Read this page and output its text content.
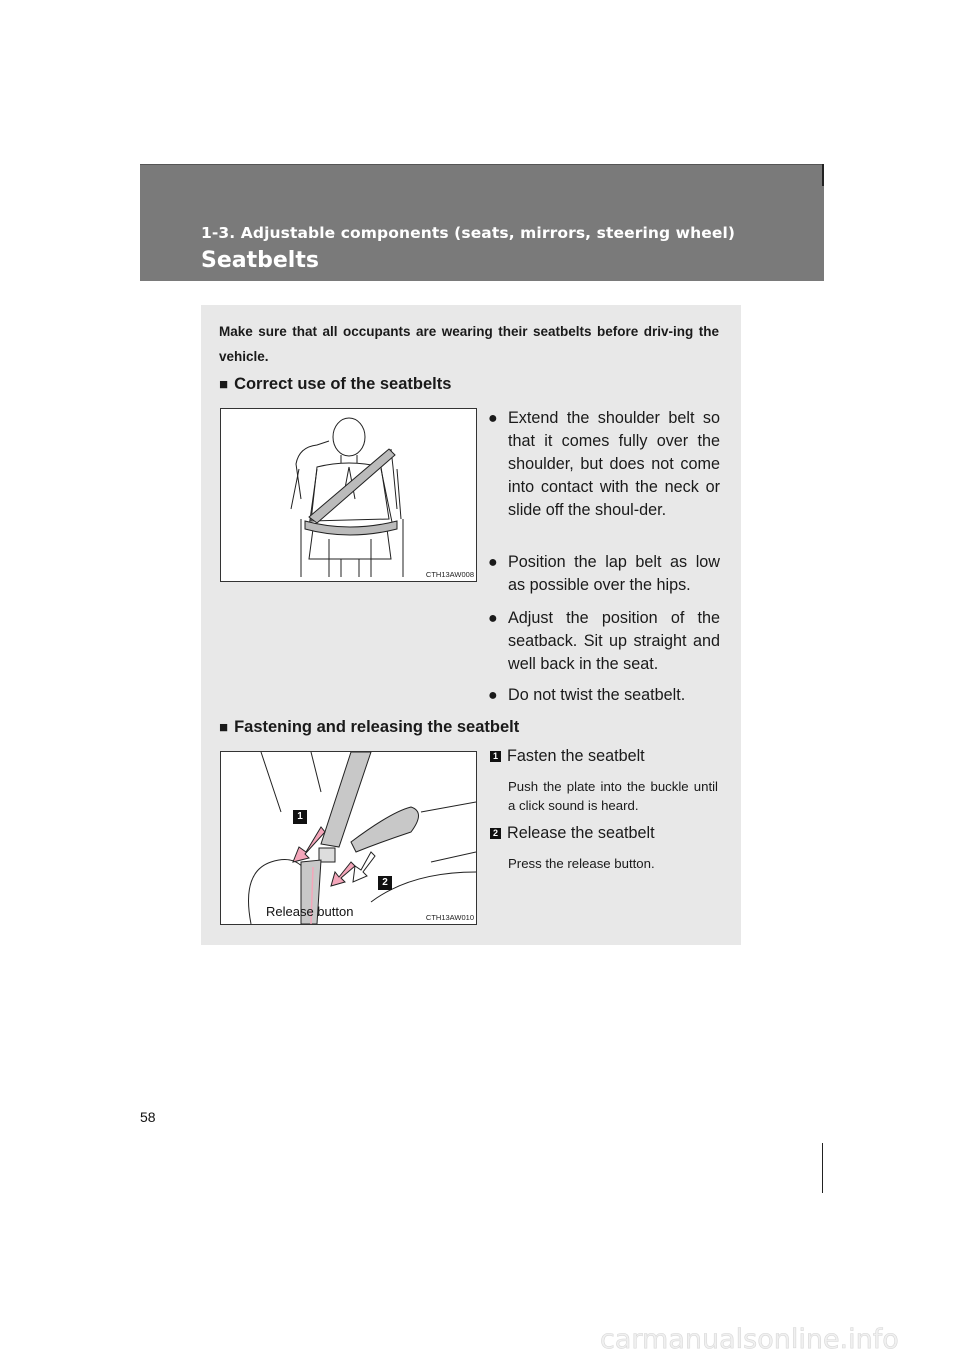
1-3. Adjustable components (seats, mirrors, steering wheel)
Seatbelts
Make sure that all occupants are wearing their seatbelts before driv-ing the vehicle.
■ Correct use of the seatbelts
CTH13AW008
● Extend the shoulder belt so that it comes fully over the shoulder, but does not come into contact with the neck or slide off the shoul-der.
● Position the lap belt as low as possible over the hips.
● Adjust the position of the seatback. Sit up straight and well back in the seat.
● Do not twist the seatbelt.
■ Fastening and releasing the seatbelt
1
2
Release button	CTH13AW010
1 Fasten the seatbelt
Push the plate into the buckle until a click sound is heard.
2 Release the seatbelt
Press the release button.
58
carmanualsonline.info
